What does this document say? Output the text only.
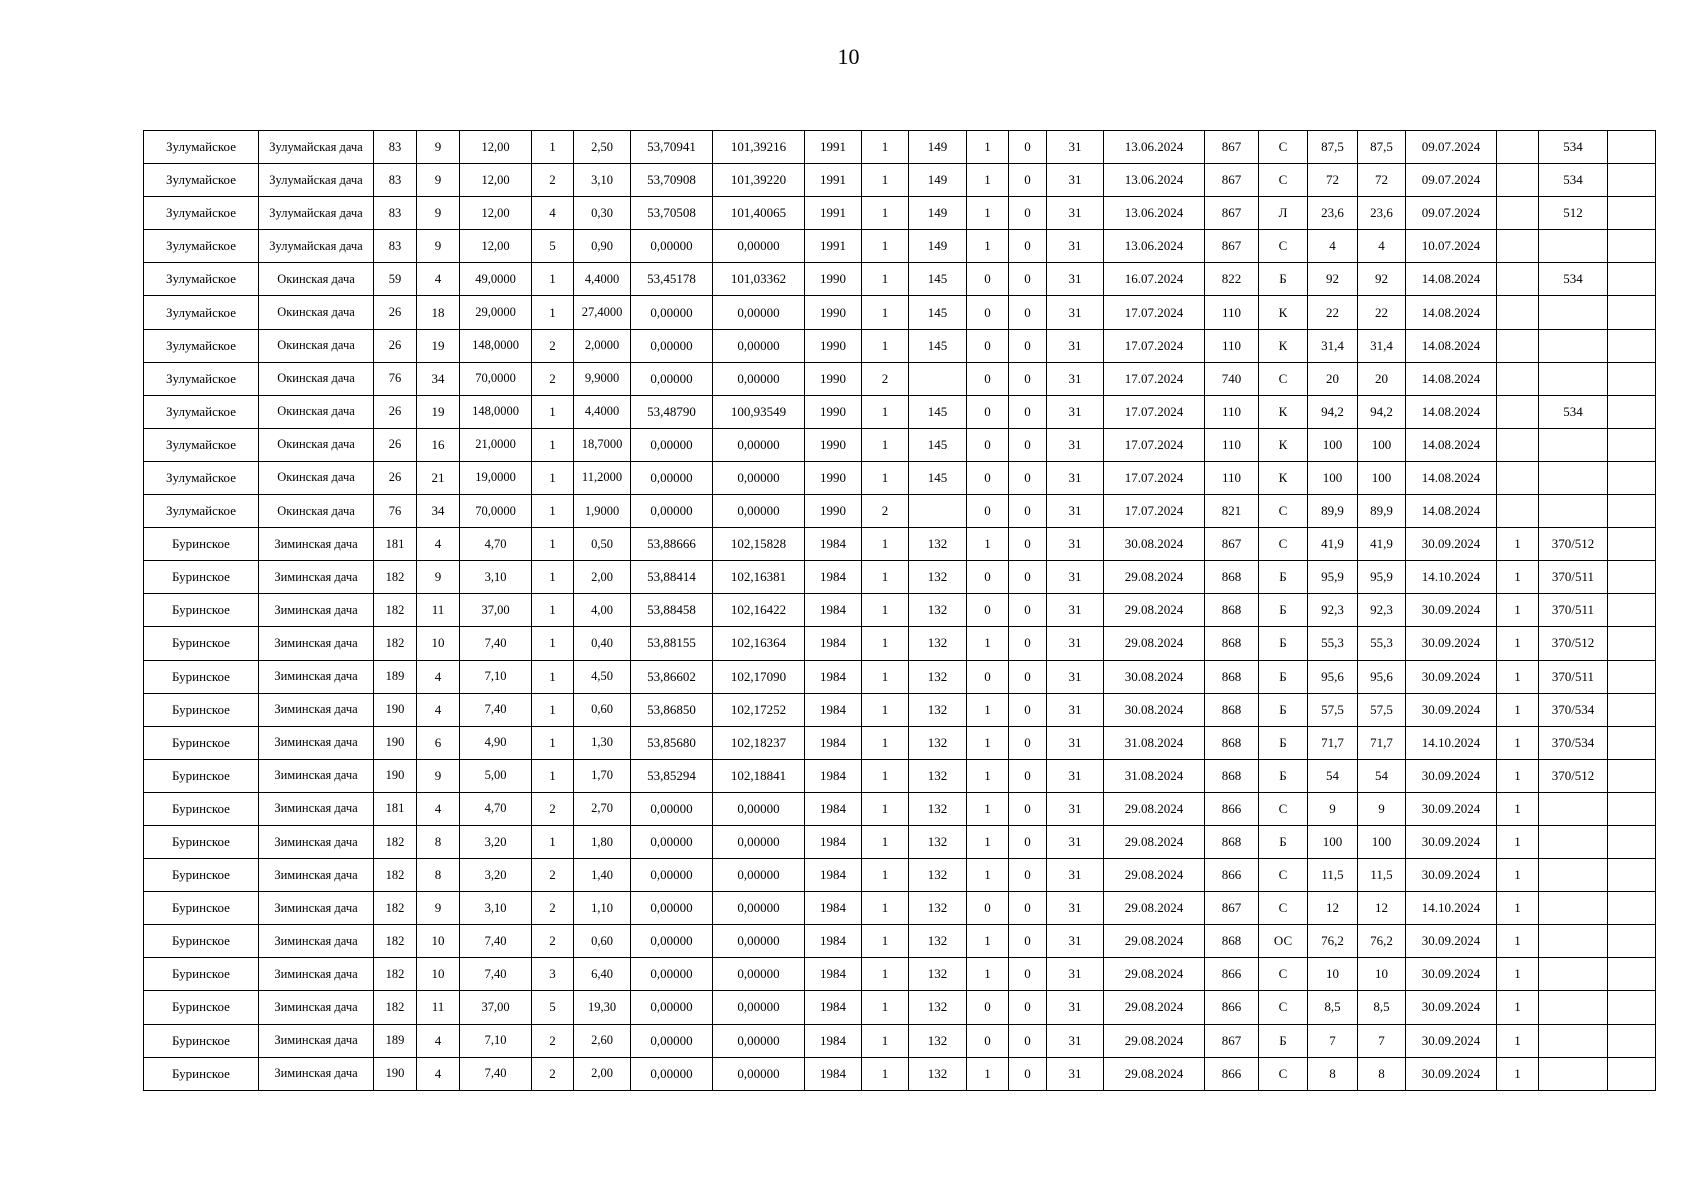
10
Зулумайское	Зулумайская дача	83	9	12,00	1	2,50	53,70941	101,39216	1991	1	149	1	0	31	13.06.2024	867	С	87,5	87,5	09.07.2024		534	
Зулумайское	Зулумайская дача	83	9	12,00	2	3,10	53,70908	101,39220	1991	1	149	1	0	31	13.06.2024	867	С	72	72	09.07.2024		534	
Зулумайское	Зулумайская дача	83	9	12,00	4	0,30	53,70508	101,40065	1991	1	149	1	0	31	13.06.2024	867	Л	23,6	23,6	09.07.2024		512	
Зулумайское	Зулумайская дача	83	9	12,00	5	0,90	0,00000	0,00000	1991	1	149	1	0	31	13.06.2024	867	С	4	4	10.07.2024			
Зулумайское	Окинская дача	59	4	49,0000	1	4,4000	53,45178	101,03362	1990	1	145	0	0	31	16.07.2024	822	Б	92	92	14.08.2024		534	
Зулумайское	Окинская дача	26	18	29,0000	1	27,4000	0,00000	0,00000	1990	1	145	0	0	31	17.07.2024	110	К	22	22	14.08.2024			
Зулумайское	Окинская дача	26	19	148,0000	2	2,0000	0,00000	0,00000	1990	1	145	0	0	31	17.07.2024	110	К	31,4	31,4	14.08.2024			
Зулумайское	Окинская дача	76	34	70,0000	2	9,9000	0,00000	0,00000	1990	2		0	0	31	17.07.2024	740	С	20	20	14.08.2024			
Зулумайское	Окинская дача	26	19	148,0000	1	4,4000	53,48790	100,93549	1990	1	145	0	0	31	17.07.2024	110	К	94,2	94,2	14.08.2024		534	
Зулумайское	Окинская дача	26	16	21,0000	1	18,7000	0,00000	0,00000	1990	1	145	0	0	31	17.07.2024	110	К	100	100	14.08.2024			
Зулумайское	Окинская дача	26	21	19,0000	1	11,2000	0,00000	0,00000	1990	1	145	0	0	31	17.07.2024	110	К	100	100	14.08.2024			
Зулумайское	Окинская дача	76	34	70,0000	1	1,9000	0,00000	0,00000	1990	2		0	0	31	17.07.2024	821	С	89,9	89,9	14.08.2024			
Буринское	Зиминская дача	181	4	4,70	1	0,50	53,88666	102,15828	1984	1	132	1	0	31	30.08.2024	867	С	41,9	41,9	30.09.2024	1	370/512	
Буринское	Зиминская дача	182	9	3,10	1	2,00	53,88414	102,16381	1984	1	132	0	0	31	29.08.2024	868	Б	95,9	95,9	14.10.2024	1	370/511	
Буринское	Зиминская дача	182	11	37,00	1	4,00	53,88458	102,16422	1984	1	132	0	0	31	29.08.2024	868	Б	92,3	92,3	30.09.2024	1	370/511	
Буринское	Зиминская дача	182	10	7,40	1	0,40	53,88155	102,16364	1984	1	132	1	0	31	29.08.2024	868	Б	55,3	55,3	30.09.2024	1	370/512	
Буринское	Зиминская дача	189	4	7,10	1	4,50	53,86602	102,17090	1984	1	132	0	0	31	30.08.2024	868	Б	95,6	95,6	30.09.2024	1	370/511	
Буринское	Зиминская дача	190	4	7,40	1	0,60	53,86850	102,17252	1984	1	132	1	0	31	30.08.2024	868	Б	57,5	57,5	30.09.2024	1	370/534	
Буринское	Зиминская дача	190	6	4,90	1	1,30	53,85680	102,18237	1984	1	132	1	0	31	31.08.2024	868	Б	71,7	71,7	14.10.2024	1	370/534	
Буринское	Зиминская дача	190	9	5,00	1	1,70	53,85294	102,18841	1984	1	132	1	0	31	31.08.2024	868	Б	54	54	30.09.2024	1	370/512	
Буринское	Зиминская дача	181	4	4,70	2	2,70	0,00000	0,00000	1984	1	132	1	0	31	29.08.2024	866	С	9	9	30.09.2024	1		
Буринское	Зиминская дача	182	8	3,20	1	1,80	0,00000	0,00000	1984	1	132	1	0	31	29.08.2024	868	Б	100	100	30.09.2024	1		
Буринское	Зиминская дача	182	8	3,20	2	1,40	0,00000	0,00000	1984	1	132	1	0	31	29.08.2024	866	С	11,5	11,5	30.09.2024	1		
Буринское	Зиминская дача	182	9	3,10	2	1,10	0,00000	0,00000	1984	1	132	0	0	31	29.08.2024	867	С	12	12	14.10.2024	1		
Буринское	Зиминская дача	182	10	7,40	2	0,60	0,00000	0,00000	1984	1	132	1	0	31	29.08.2024	868	ОС	76,2	76,2	30.09.2024	1		
Буринское	Зиминская дача	182	10	7,40	3	6,40	0,00000	0,00000	1984	1	132	1	0	31	29.08.2024	866	С	10	10	30.09.2024	1		
Буринское	Зиминская дача	182	11	37,00	5	19,30	0,00000	0,00000	1984	1	132	0	0	31	29.08.2024	866	С	8,5	8,5	30.09.2024	1		
Буринское	Зиминская дача	189	4	7,10	2	2,60	0,00000	0,00000	1984	1	132	0	0	31	29.08.2024	867	Б	7	7	30.09.2024	1		
Буринское	Зиминская дача	190	4	7,40	2	2,00	0,00000	0,00000	1984	1	132	1	0	31	29.08.2024	866	С	8	8	30.09.2024	1		
